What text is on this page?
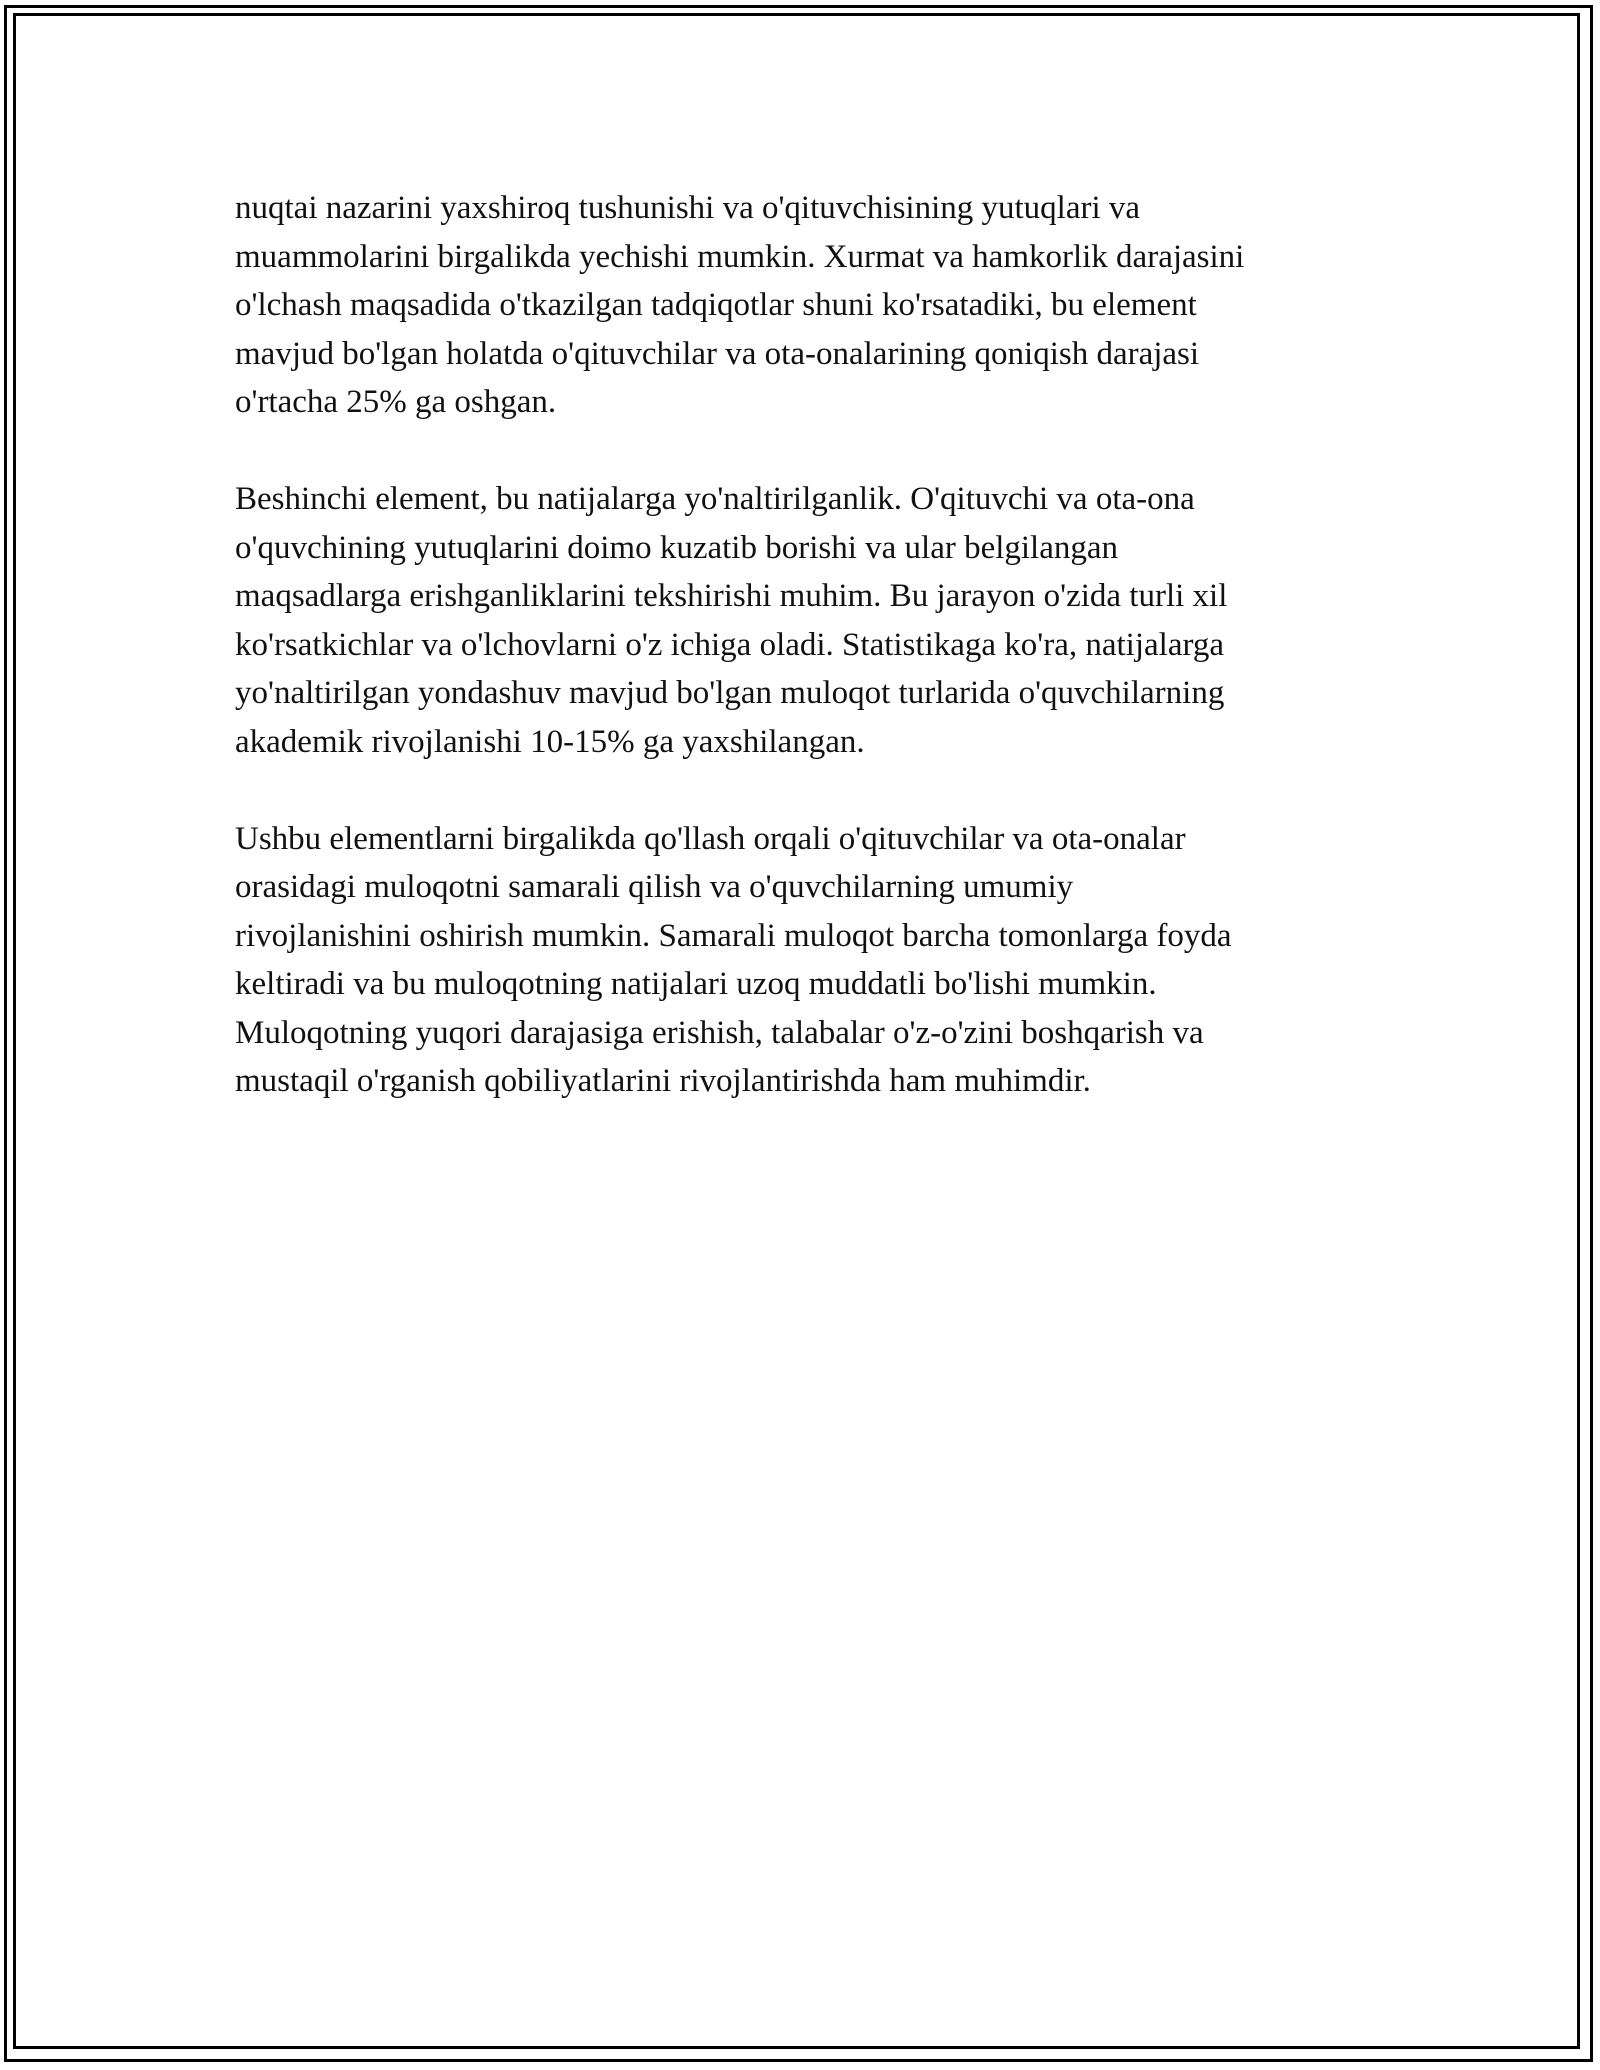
nuqtai nazarini yaxshiroq tushunishi va o'qituvchisining yutuqlari va
muammolarini birgalikda yechishi mumkin. Xurmat va hamkorlik darajasini
o'lchash maqsadida o'tkazilgan tadqiqotlar shuni ko'rsatadiki, bu element
mavjud bo'lgan holatda o'qituvchilar va ota-onalarining qoniqish darajasi
o'rtacha 25% ga oshgan.

Beshinchi element, bu natijalarga yo'naltirilganlik. O'qituvchi va ota-ona
o'quvchining yutuqlarini doimo kuzatib borishi va ular belgilangan
maqsadlarga erishganliklarini tekshirishi muhim. Bu jarayon o'zida turli xil
ko'rsatkichlar va o'lchovlarni o'z ichiga oladi. Statistikaga ko'ra, natijalarga
yo'naltirilgan yondashuv mavjud bo'lgan muloqot turlarida o'quvchilarning
akademik rivojlanishi 10-15% ga yaxshilangan.

Ushbu elementlarni birgalikda qo'llash orqali o'qituvchilar va ota-onalar
orasidagi muloqotni samarali qilish va o'quvchilarning umumiy
rivojlanishini oshirish mumkin. Samarali muloqot barcha tomonlarga foyda
keltiradi va bu muloqotning natijalari uzoq muddatli bo'lishi mumkin.
Muloqotning yuqori darajasiga erishish, talabalar o'z-o'zini boshqarish va
mustaqil o'rganish qobiliyatlarini rivojlantirishda ham muhimdir.
